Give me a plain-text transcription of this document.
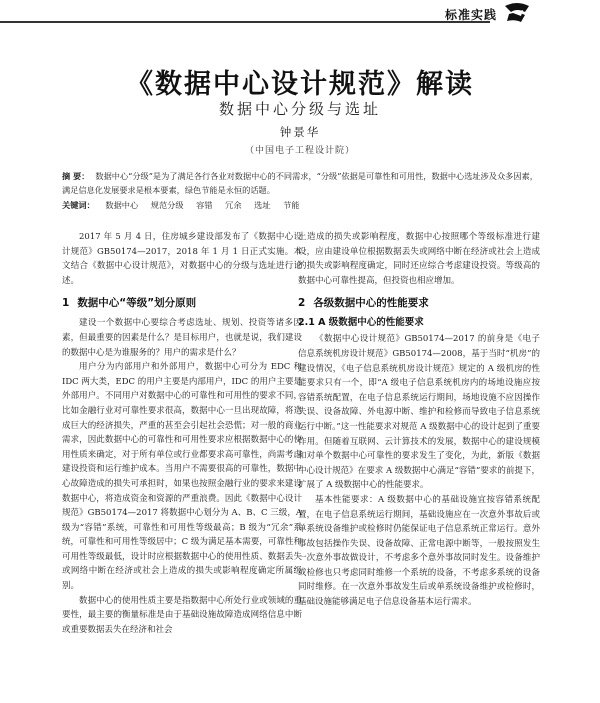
标准实践
《数据中心设计规范》解读
数据中心分级与选址
钟景华
（中国电子工程设计院）
摘 要： 数据中心“分级”是为了满足各行各业对数据中心的不同需求，“分级”依据是可靠性和可用性，数据中心选址涉及众多因素，满足信息化发展要求是根本要素，绿色节能是永恒的话题。
关键词： 数据中心 规范分级 容错 冗余 选址 节能

2017 年 5 月 4 日，住房城乡建设部发布了《数据中心设计规范》GB50174—2017，2018 年 1 月 1 日正式实施。本文结合《数据中心设计规范》，对数据中心的分级与选址进行论述。

1 数据中心“等级”划分原则

建设一个数据中心要综合考虑选址、规划、投资等诸多因素，但最重要的因素是什么？是目标用户，也就是说，我们建设的数据中心是为谁服务的？用户的需求是什么？

用户分为内部用户和外部用户，数据中心可分为 EDC 和 IDC 两大类，EDC 的用户主要是内部用户，IDC 的用户主要是外部用户。不同用户对数据中心的可靠性和可用性的要求不同，比如金融行业对可靠性要求很高，数据中心一旦出现故障，将造成巨大的经济损失，严重的甚至会引起社会恐慌；对一般的商业需求，因此数据中心的可靠性和可用性要求应根据数据中心的使用性质来确定，对于所有单位或行业都要求高可靠性，尚需考虑建设投资和运行维护成本。当用户不需要很高的可靠性，数据中心故障造成的损失可承担时，如果也按照金融行业的要求来建设数据中心，将造成资金和资源的严重浪费。因此《数据中心设计规范》GB50174—2017 将数据中心划分为 A、B、C 三级，A 级为“容错”系统，可靠性和可用性等级最高；B 级为“冗余”系统，可靠性和可用性等级居中；C 级为满足基本需要，可靠性和可用性等级最低，设计时应根据数据中心的使用性质、数据丢失或网络中断在经济或社会上造成的损失或影响程度确定所属级别。

数据中心的使用性质主要是指数据中心所处行业或领域的重要性，最主要的衡量标准是由于基础设施故障造成网络信息中断或重要数据丢失在经济和社会

上造成的损失或影响程度，数据中心按照哪个等级标准进行建设，应由建设单位根据数据丢失或网络中断在经济或社会上造成的损失或影响程度确定，同时还应综合考虑建设投资。等级高的数据中心可靠性提高，但投资也相应增加。

2 各级数据中心的性能要求
2.1 A 级数据中心的性能要求

《数据中心设计规范》GB50174—2017 的前身是《电子信息系统机房设计规范》GB50174—2008，基于当时“机房”的建设情况，《电子信息系统机房设计规范》规定的 A 级机房的性能要求只有一个，即“A 级电子信息系统机房内的场地设施应按容错系统配置，在电子信息系统运行期间，场地设施不应因操作失误、设备故障、外电源中断、维护和检修而导致电子信息系统运行中断。”这一性能要求对规范 A 级数据中心的设计起到了重要作用。但随着互联网、云计算技术的发展，数据中心的建设规模和对单个数据中心可靠性的要求发生了变化，为此，新版《数据中心设计规范》在要求 A 级数据中心满足“容错”要求的前提下，扩展了 A 级数据中心的性能要求。

基本性能要求：A 级数据中心的基础设施宜按容错系统配置，在电子信息系统运行期间，基础设施应在一次意外事故后或单系统设备维护或检修时仍能保证电子信息系统正常运行。意外事故包括操作失误、设备故障、正常电源中断等，一般按照发生一次意外事故做设计，不考虑多个意外事故同时发生。设备维护或检修也只考虑同时维修一个系统的设备，不考虑多系统的设备同时维修。在一次意外事故发生后或单系统设备维护或检修时，基础设施能够满足电子信息设备基本运行需求。
